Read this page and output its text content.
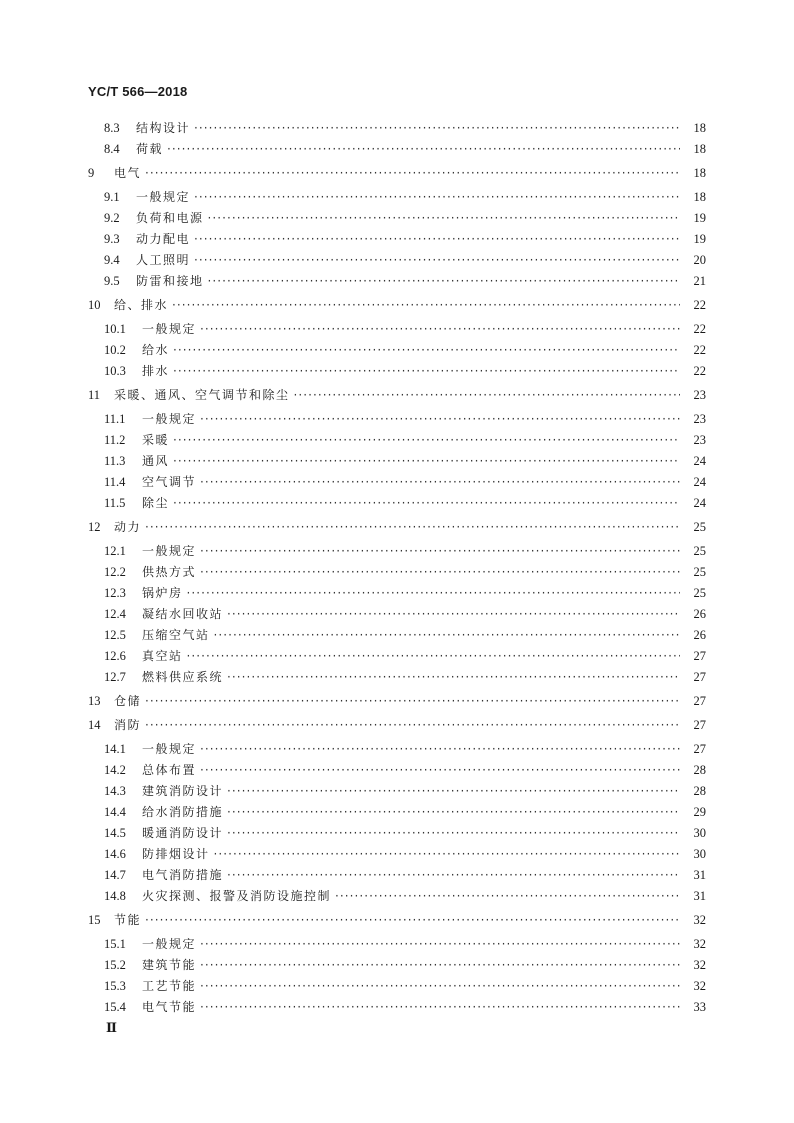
YC/T 566—2018
8.3	结构设计 ·····	18
8.4	荷载 ·····	18
9	电气 ·····	18
9.1	一般规定 ·····	18
9.2	负荷和电源 ·····	19
9.3	动力配电 ·····	19
9.4	人工照明 ·····	20
9.5	防雷和接地 ·····	21
10	给、排水 ·····	22
10.1	一般规定 ·····	22
10.2	给水 ·····	22
10.3	排水 ·····	22
11	采暖、通风、空气调节和除尘 ·····	23
11.1	一般规定 ·····	23
11.2	采暖 ·····	23
11.3	通风 ·····	24
11.4	空气调节 ·····	24
11.5	除尘 ·····	24
12	动力 ·····	25
12.1	一般规定 ·····	25
12.2	供热方式 ·····	25
12.3	锅炉房 ·····	25
12.4	凝结水回收站 ·····	26
12.5	压缩空气站 ·····	26
12.6	真空站 ·····	27
12.7	燃料供应系统 ·····	27
13	仓储 ·····	27
14	消防 ·····	27
14.1	一般规定 ·····	27
14.2	总体布置 ·····	28
14.3	建筑消防设计 ·····	28
14.4	给水消防措施 ·····	29
14.5	暖通消防设计 ·····	30
14.6	防排烟设计 ·····	30
14.7	电气消防措施 ·····	31
14.8	火灾探测、报警及消防设施控制 ·····	31
15	节能 ·····	32
15.1	一般规定 ·····	32
15.2	建筑节能 ·····	32
15.3	工艺节能 ·····	32
15.4	电气节能 ·····	33
Ⅱ
